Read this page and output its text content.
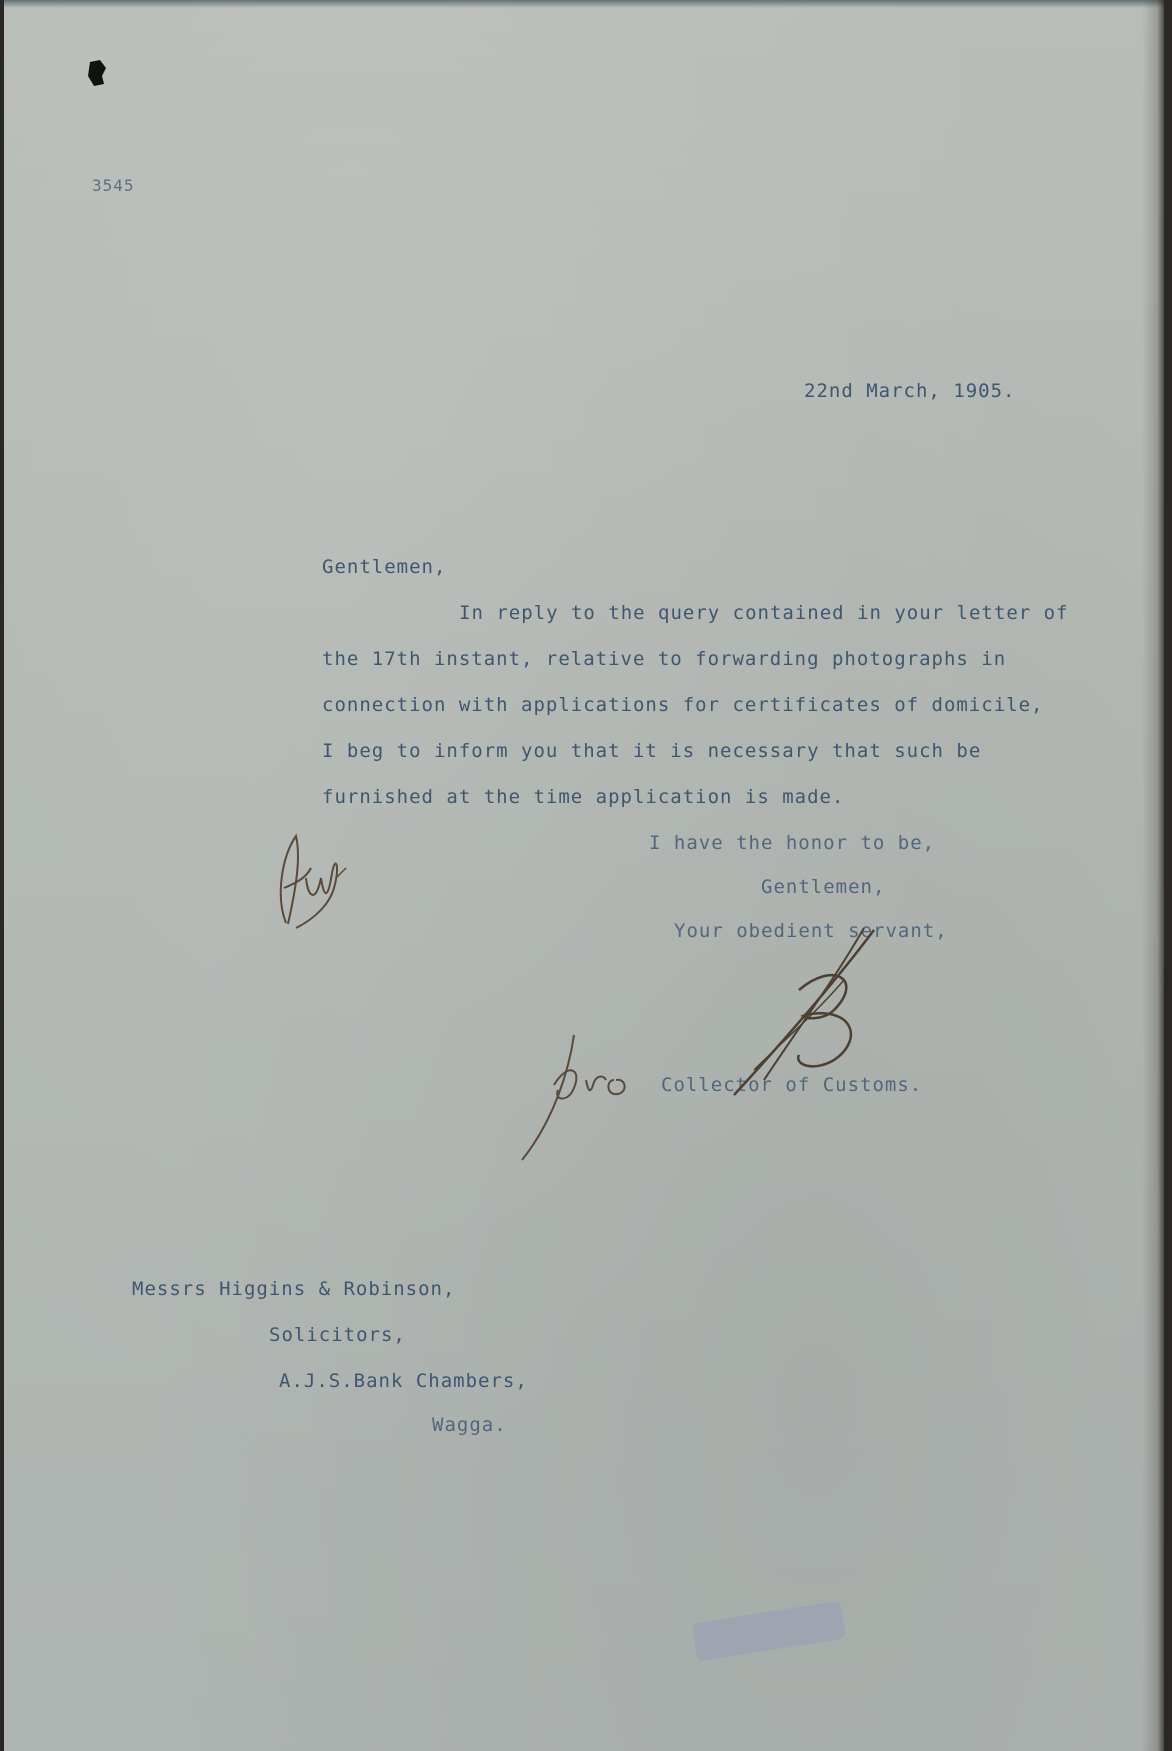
3545
22nd March, 1905.
Gentlemen,
In reply to the query contained in your letter of
the 17th instant, relative to forwarding photographs in
connection with applications for certificates of domicile,
I beg to inform you that it is necessary that such be
furnished at the time application is made.
I have the honor to be,
Gentlemen,
Your obedient servant,
Collector of Customs.
Messrs Higgins & Robinson,
Solicitors,
A.J.S.Bank Chambers,
Wagga.
